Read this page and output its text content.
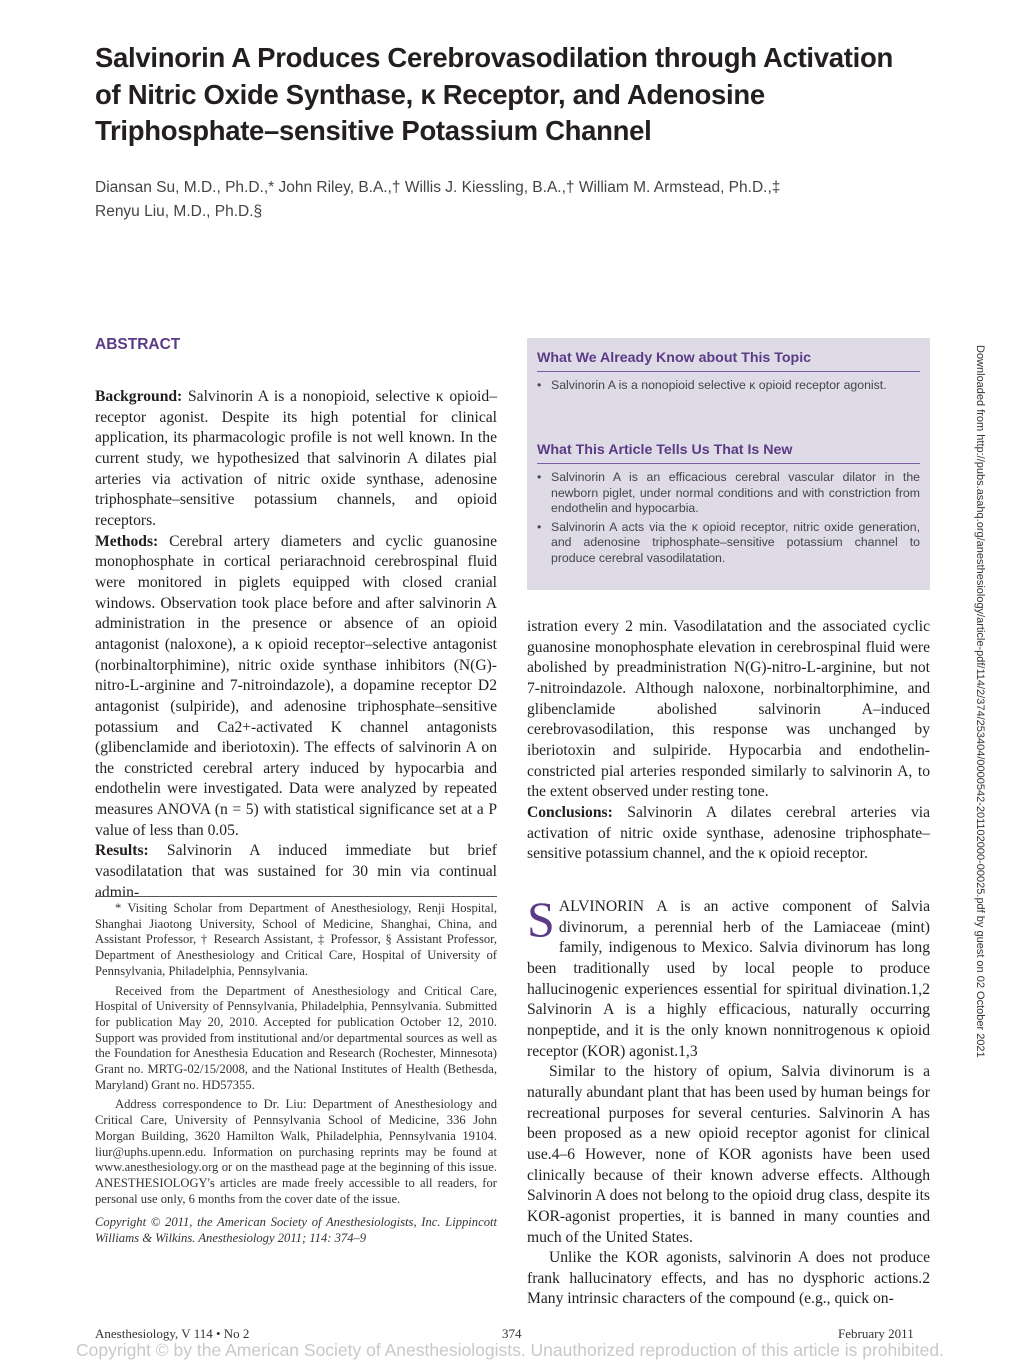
Salvinorin A Produces Cerebrovasodilation through Activation of Nitric Oxide Synthase, κ Receptor, and Adenosine Triphosphate–sensitive Potassium Channel
Diansan Su, M.D., Ph.D.,* John Riley, B.A.,† Willis J. Kiessling, B.A.,† William M. Armstead, Ph.D.,‡
Renyu Liu, M.D., Ph.D.§
ABSTRACT

Background: Salvinorin A is a nonopioid, selective κ opioid–receptor agonist. Despite its high potential for clinical application, its pharmacologic profile is not well known. In the current study, we hypothesized that salvinorin A dilates pial arteries via activation of nitric oxide synthase, adenosine triphosphate–sensitive potassium channels, and opioid receptors.

Methods: Cerebral artery diameters and cyclic guanosine monophosphate in cortical periarachnoid cerebrospinal fluid were monitored in piglets equipped with closed cranial windows. Observation took place before and after salvinorin A administration in the presence or absence of an opioid antagonist (naloxone), a κ opioid receptor–selective antagonist (norbinaltorphimine), nitric oxide synthase inhibitors (N(G)-nitro-L-arginine and 7-nitroindazole), a dopamine receptor D2 antagonist (sulpiride), and adenosine triphosphate–sensitive potassium and Ca2+-activated K channel antagonists (glibenclamide and iberiotoxin). The effects of salvinorin A on the constricted cerebral artery induced by hypocarbia and endothelin were investigated. Data were analyzed by repeated measures ANOVA (n = 5) with statistical significance set at a P value of less than 0.05.

Results: Salvinorin A induced immediate but brief vasodilatation that was sustained for 30 min via continual admin-

What We Already Know about This Topic
• Salvinorin A is a nonopioid selective κ opioid receptor agonist.
What This Article Tells Us That Is New
• Salvinorin A is an efficacious cerebral vascular dilator in the newborn piglet, under normal conditions and with constriction from endothelin and hypocarbia.
• Salvinorin A acts via the κ opioid receptor, nitric oxide generation, and adenosine triphosphate–sensitive potassium channel to produce cerebral vasodilatation.

istration every 2 min. Vasodilatation and the associated cyclic guanosine monophosphate elevation in cerebrospinal fluid were abolished by preadministration N(G)-nitro-L-arginine, but not 7-nitroindazole. Although naloxone, norbinaltorphimine, and glibenclamide abolished salvinorin A–induced cerebrovasodilation, this response was unchanged by iberiotoxin and sulpiride. Hypocarbia and endothelin-constricted pial arteries responded similarly to salvinorin A, to the extent observed under resting tone.

Conclusions: Salvinorin A dilates cerebral arteries via activation of nitric oxide synthase, adenosine triphosphate–sensitive potassium channel, and the κ opioid receptor.

* Visiting Scholar from Department of Anesthesiology, Renji Hospital, Shanghai Jiaotong University, School of Medicine, Shanghai, China, and Assistant Professor, † Research Assistant, ‡ Professor, § Assistant Professor, Department of Anesthesiology and Critical Care, Hospital of University of Pennsylvania, Philadelphia, Pennsylvania.

Received from the Department of Anesthesiology and Critical Care, Hospital of University of Pennsylvania, Philadelphia, Pennsylvania. Submitted for publication May 20, 2010. Accepted for publication October 12, 2010. Support was provided from institutional and/or departmental sources as well as the Foundation for Anesthesia Education and Research (Rochester, Minnesota) Grant no. MRTG-02/15/2008, and the National Institutes of Health (Bethesda, Maryland) Grant no. HD57355.

Address correspondence to Dr. Liu: Department of Anesthesiology and Critical Care, University of Pennsylvania School of Medicine, 336 John Morgan Building, 3620 Hamilton Walk, Philadelphia, Pennsylvania 19104. liur@uphs.upenn.edu. Information on purchasing reprints may be found at www.anesthesiology.org or on the masthead page at the beginning of this issue. ANESTHESIOLOGY's articles are made freely accessible to all readers, for personal use only, 6 months from the cover date of the issue.

Copyright © 2011, the American Society of Anesthesiologists, Inc. Lippincott Williams & Wilkins. Anesthesiology 2011; 114: 374–9

SALVINORIN A is an active component of Salvia divinorum, a perennial herb of the Lamiaceae (mint) family, indigenous to Mexico. Salvia divinorum has long been traditionally used by local people to produce hallucinogenic experiences essential for spiritual divination.1,2 Salvinorin A is a highly efficacious, naturally occurring nonpeptide, and it is the only known nonnitrogenous κ opioid receptor (KOR) agonist.1,3

Similar to the history of opium, Salvia divinorum is a naturally abundant plant that has been used by human beings for recreational purposes for several centuries. Salvinorin A has been proposed as a new opioid receptor agonist for clinical use.4–6 However, none of KOR agonists have been used clinically because of their known adverse effects. Although Salvinorin A does not belong to the opioid drug class, despite its KOR-agonist properties, it is banned in many counties and much of the United States.

Unlike the KOR agonists, salvinorin A does not produce frank hallucinatory effects, and has no dysphoric actions.2 Many intrinsic characters of the compound (e.g., quick on-

Anesthesiology, V 114 • No 2	374	February 2011
Copyright © by the American Society of Anesthesiologists. Unauthorized reproduction of this article is prohibited.
Downloaded from http://pubs.asahq.org/anesthesiology/article-pdf/114/2/374/253404/0000542-201102000-00025.pdf by guest on 02 October 2021
